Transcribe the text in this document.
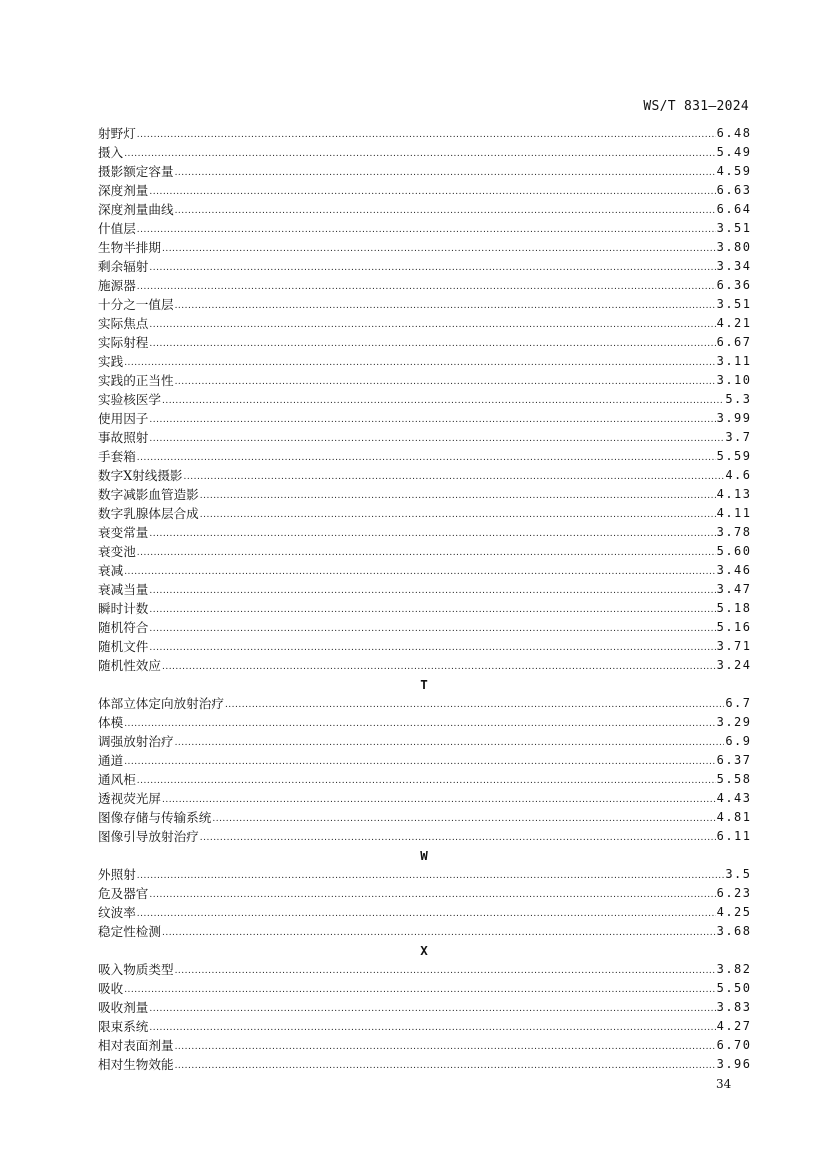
WS/T 831—2024
射野灯 .....	6.48
摄入 .....	5.49
摄影额定容量 .....	4.59
深度剂量 .....	6.63
深度剂量曲线 .....	6.64
什值层 .....	3.51
生物半排期 .....	3.80
剩余辐射 .....	3.34
施源器 .....	6.36
十分之一值层 .....	3.51
实际焦点 .....	4.21
实际射程 .....	6.67
实践 .....	3.11
实践的正当性 .....	3.10
实验核医学 .....	5.3
使用因子 .....	3.99
事故照射 .....	3.7
手套箱 .....	5.59
数字X射线摄影 .....	4.6
数字减影血管造影 .....	4.13
数字乳腺体层合成 .....	4.11
衰变常量 .....	3.78
衰变池 .....	5.60
衰减 .....	3.46
衰减当量 .....	3.47
瞬时计数 .....	5.18
随机符合 .....	5.16
随机文件 .....	3.71
随机性效应 .....	3.24
T
体部立体定向放射治疗 .....	6.7
体模 .....	3.29
调强放射治疗 .....	6.9
通道 .....	6.37
通风柜 .....	5.58
透视荧光屏 .....	4.43
图像存储与传输系统 .....	4.81
图像引导放射治疗 .....	6.11
W
外照射 .....	3.5
危及器官 .....	6.23
纹波率 .....	4.25
稳定性检测 .....	3.68
X
吸入物质类型 .....	3.82
吸收 .....	5.50
吸收剂量 .....	3.83
限束系统 .....	4.27
相对表面剂量 .....	6.70
相对生物效能 .....	3.96
34
